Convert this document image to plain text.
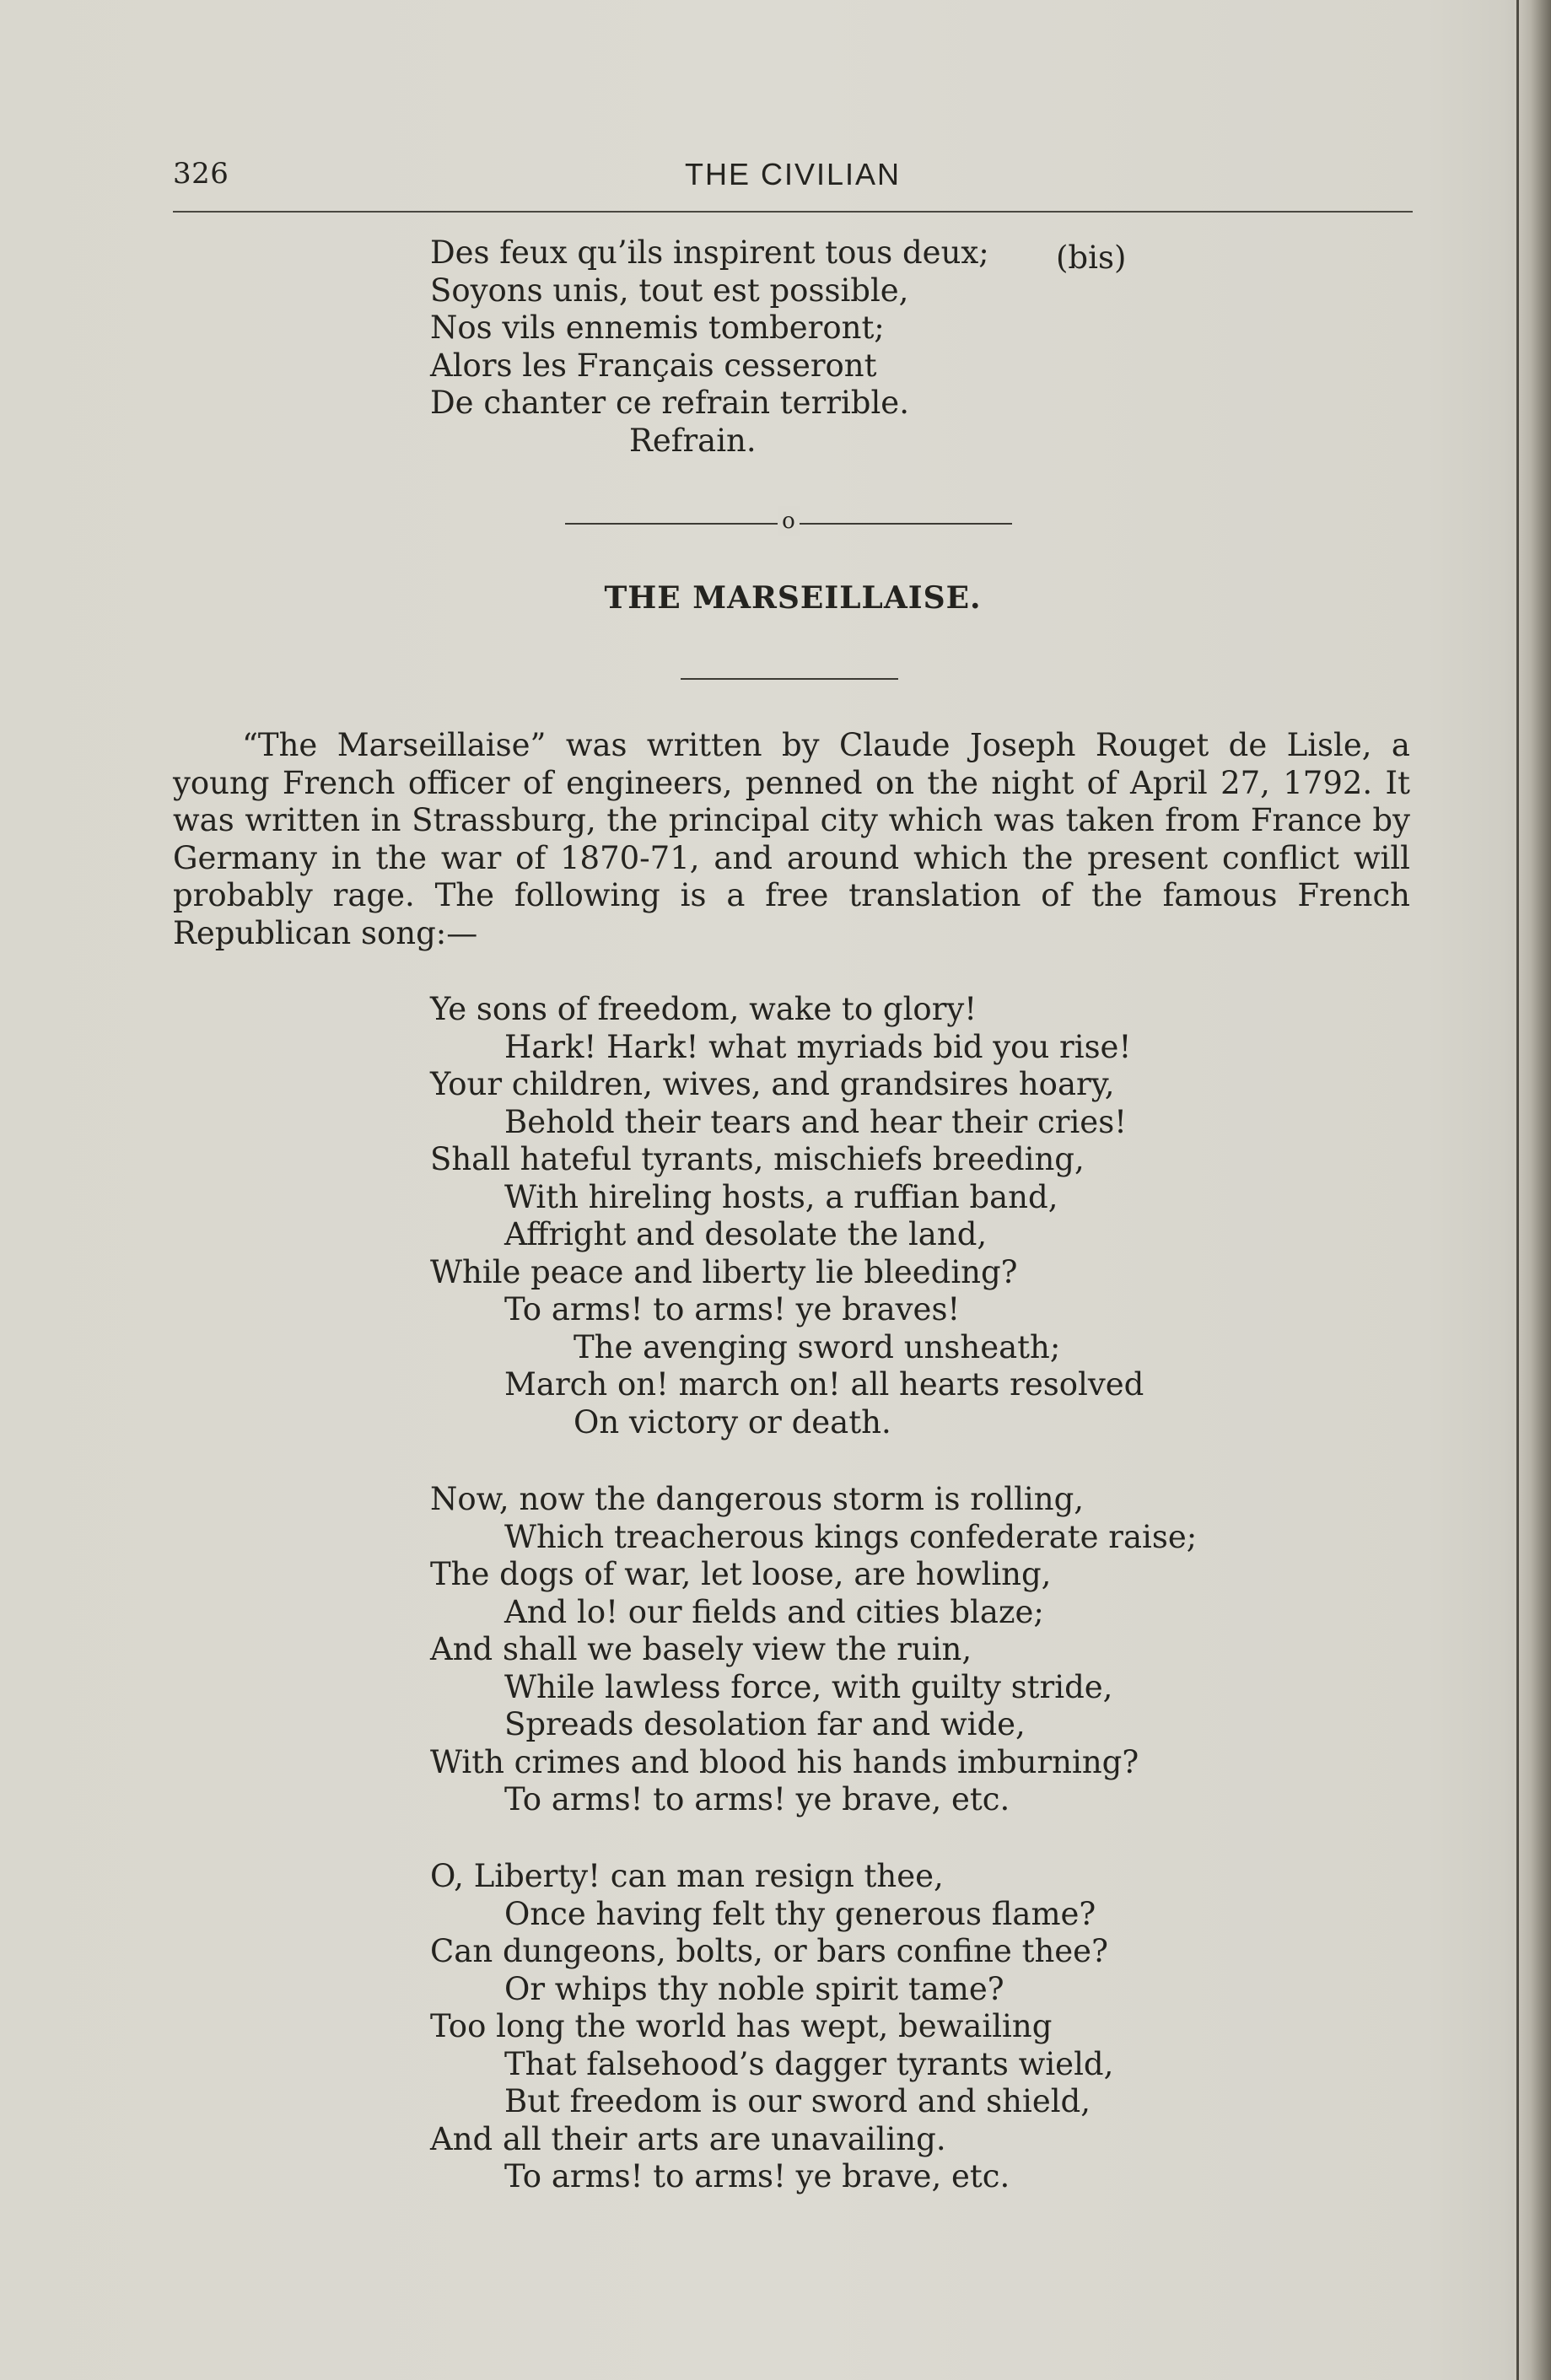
326	THE CIVILIAN
Des feux qu’ils inspirent tous deux;
Soyons unis, tout est possible,
Nos vils ennemis tomberont;
Alors les Français cesseront
De chanter ce refrain terrible.
Refrain.
(bis)
o
THE MARSEILLAISE.

“The Marseillaise” was written by Claude Joseph Rouget de Lisle, a young French officer of engineers, penned on the night of April 27, 1792. It was written in Strassburg, the principal city which was taken from France by Germany in the war of 1870-71, and around which the present conflict will probably rage. The following is a free translation of the famous French Republican song:—

Ye sons of freedom, wake to glory!
Hark! Hark! what myriads bid you rise!
Your children, wives, and grandsires hoary,
Behold their tears and hear their cries!
Shall hateful tyrants, mischiefs breeding,
With hireling hosts, a ruffian band,
Affright and desolate the land,
While peace and liberty lie bleeding?
To arms! to arms! ye braves!
The avenging sword unsheath;
March on! march on! all hearts resolved
On victory or death.
Now, now the dangerous storm is rolling,
Which treacherous kings confederate raise;
The dogs of war, let loose, are howling,
And lo! our fields and cities blaze;
And shall we basely view the ruin,
While lawless force, with guilty stride,
Spreads desolation far and wide,
With crimes and blood his hands imburning?
To arms! to arms! ye brave, etc.
O, Liberty! can man resign thee,
Once having felt thy generous flame?
Can dungeons, bolts, or bars confine thee?
Or whips thy noble spirit tame?
Too long the world has wept, bewailing
That falsehood’s dagger tyrants wield,
But freedom is our sword and shield,
And all their arts are unavailing.
To arms! to arms! ye brave, etc.
